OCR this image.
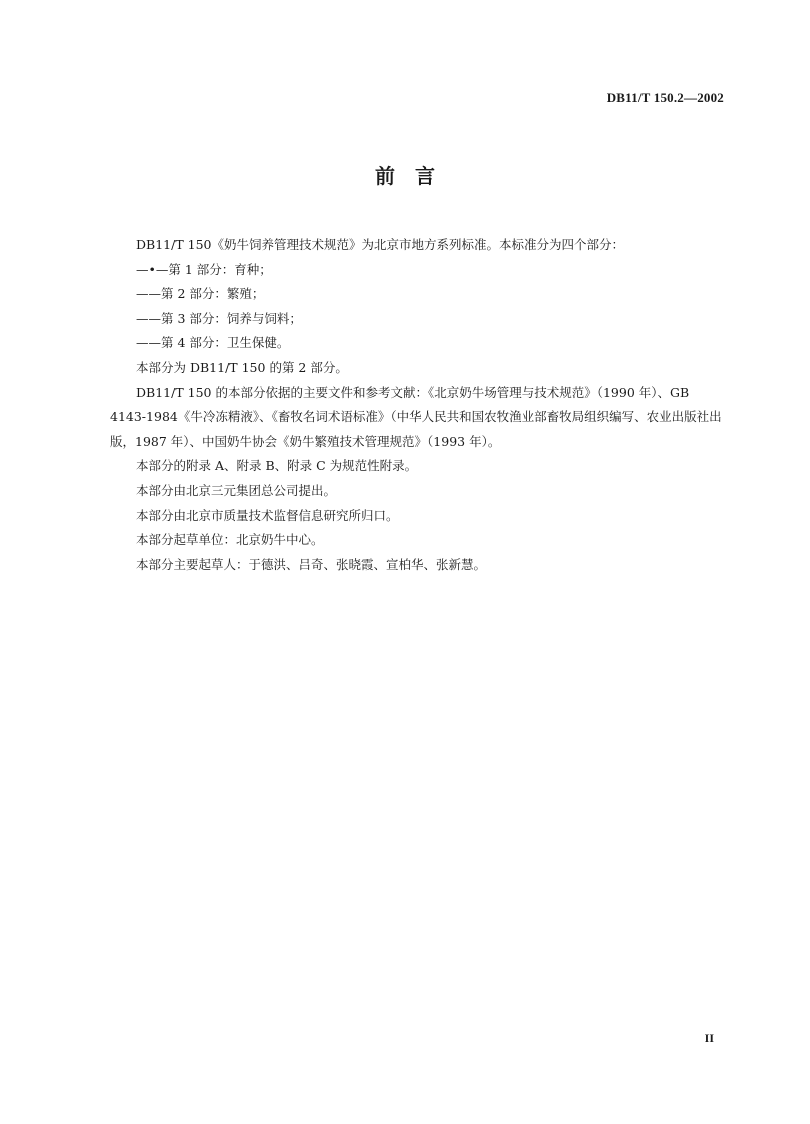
DB11/T 150.2—2002
前　言

DB11/T 150《奶牛饲养管理技术规范》为北京市地方系列标准。本标准分为四个部分：

—•—第 1 部分：育种；

——第 2 部分：繁殖；

——第 3 部分：饲养与饲料；

——第 4 部分：卫生保健。

本部分为 DB11/T 150 的第 2 部分。

DB11/T 150 的本部分依据的主要文件和参考文献：《北京奶牛场管理与技术规范》（1990 年）、GB 4143-1984《牛冷冻精液》、《畜牧名词术语标准》（中华人民共和国农牧渔业部畜牧局组织编写、农业出版社出版，1987 年）、中国奶牛协会《奶牛繁殖技术管理规范》（1993 年）。

本部分的附录 A、附录 B、附录 C 为规范性附录。

本部分由北京三元集团总公司提出。

本部分由北京市质量技术监督信息研究所归口。

本部分起草单位：北京奶牛中心。

本部分主要起草人：于德洪、吕奇、张晓霞、宣柏华、张新慧。

II
